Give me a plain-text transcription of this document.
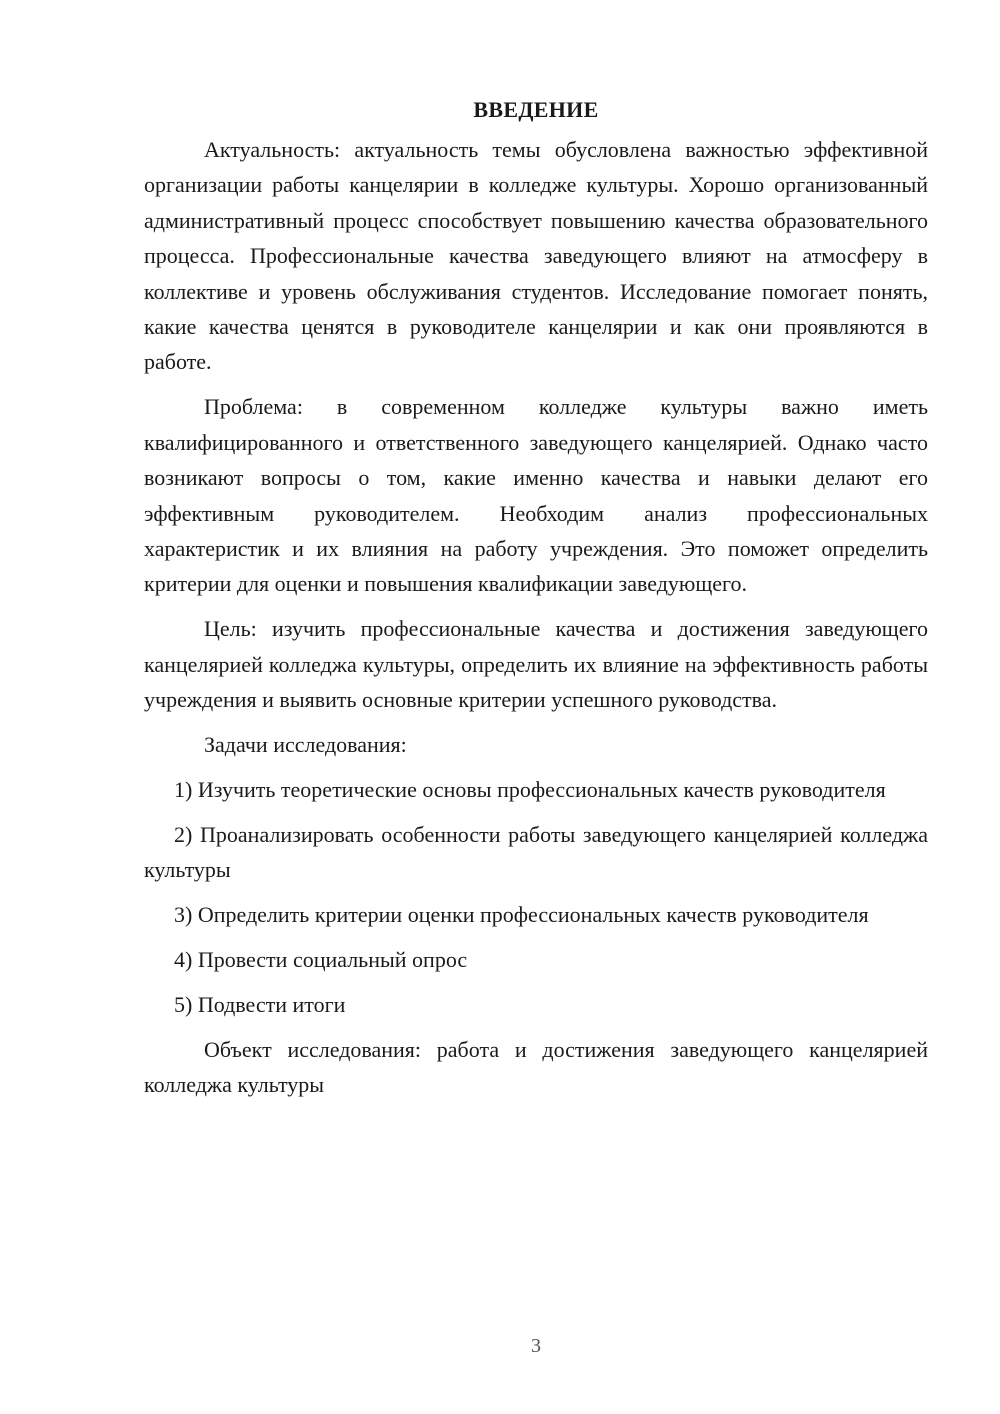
ВВЕДЕНИЕ

Актуальность: актуальность темы обусловлена важностью эффективной организации работы канцелярии в колледже культуры. Хорошо организованный административный процесс способствует повышению качества образовательного процесса. Профессиональные качества заведующего влияют на атмосферу в коллективе и уровень обслуживания студентов. Исследование помогает понять, какие качества ценятся в руководителе канцелярии и как они проявляются в работе.

Проблема: в современном колледже культуры важно иметь квалифицированного и ответственного заведующего канцелярией. Однако часто возникают вопросы о том, какие именно качества и навыки делают его эффективным руководителем. Необходим анализ профессиональных характеристик и их влияния на работу учреждения. Это поможет определить критерии для оценки и повышения квалификации заведующего.

Цель: изучить профессиональные качества и достижения заведующего канцелярией колледжа культуры, определить их влияние на эффективность работы учреждения и выявить основные критерии успешного руководства.

Задачи исследования:

1) Изучить теоретические основы профессиональных качеств руководителя

2) Проанализировать особенности работы заведующего канцелярией колледжа культуры

3) Определить критерии оценки профессиональных качеств руководителя

4) Провести социальный опрос

5) Подвести итоги

Объект исследования: работа и достижения заведующего канцелярией колледжа культуры

3
